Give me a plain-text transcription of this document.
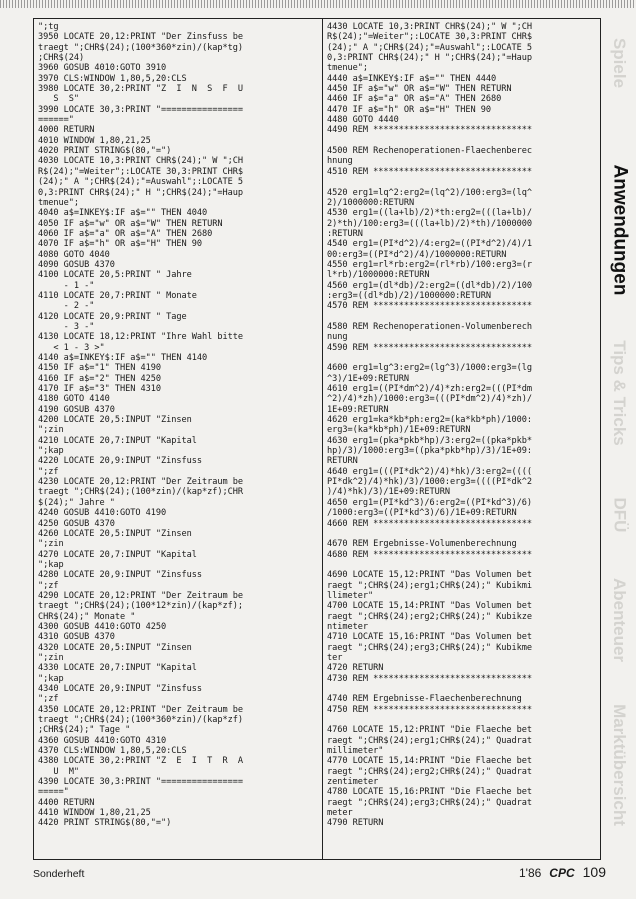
";tg
3950 LOCATE 20,12:PRINT "Der Zinsfuss be
traegt ";CHR$(24);(100*360*zin)/(kap*tg)
;CHR$(24)
3960 GOSUB 4010:GOTO 3910
3970 CLS:WINDOW 1,80,5,20:CLS
3980 LOCATE 30,2:PRINT "Z  I  N  S  F  U
S  S"
3990 LOCATE 30,3:PRINT "================
======"
4000 RETURN
4010 WINDOW 1,80,21,25
4020 PRINT STRING$(80,"=")
4030 LOCATE 10,3:PRINT CHR$(24);" W ";CH
R$(24);"=Weiter";:LOCATE 30,3:PRINT CHR$
(24);" A ";CHR$(24);"=Auswahl";:LOCATE 5
0,3:PRINT CHR$(24);" H ";CHR$(24);"=Haup
tmenue";
4040 a$=INKEY$:IF a$="" THEN 4040
4050 IF a$="w" OR a$="W" THEN RETURN
4060 IF a$="a" OR a$="A" THEN 2680
4070 IF a$="h" OR a$="H" THEN 90
4080 GOTO 4040
4090 GOSUB 4370
4100 LOCATE 20,5:PRINT " Jahre
- 1 -"
4110 LOCATE 20,7:PRINT " Monate
- 2 -"
4120 LOCATE 20,9:PRINT " Tage
- 3 -"
4130 LOCATE 18,12:PRINT "Ihre Wahl bitte
< 1 - 3 >"
4140 a$=INKEY$:IF a$="" THEN 4140
4150 IF a$="1" THEN 4190
4160 IF a$="2" THEN 4250
4170 IF a$="3" THEN 4310
4180 GOTO 4140
4190 GOSUB 4370
4200 LOCATE 20,5:INPUT "Zinsen
";zin
4210 LOCATE 20,7:INPUT "Kapital
";kap
4220 LOCATE 20,9:INPUT "Zinsfuss
";zf
4230 LOCATE 20,12:PRINT "Der Zeitraum be
traegt ";CHR$(24);(100*zin)/(kap*zf);CHR
$(24);" Jahre "
4240 GOSUB 4410:GOTO 4190
4250 GOSUB 4370
4260 LOCATE 20,5:INPUT "Zinsen
";zin
4270 LOCATE 20,7:INPUT "Kapital
";kap
4280 LOCATE 20,9:INPUT "Zinsfuss
";zf
4290 LOCATE 20,12:PRINT "Der Zeitraum be
traegt ";CHR$(24);(100*12*zin)/(kap*zf);
CHR$(24);" Monate "
4300 GOSUB 4410:GOTO 4250
4310 GOSUB 4370
4320 LOCATE 20,5:INPUT "Zinsen
";zin
4330 LOCATE 20,7:INPUT "Kapital
";kap
4340 LOCATE 20,9:INPUT "Zinsfuss
";zf
4350 LOCATE 20,12:PRINT "Der Zeitraum be
traegt ";CHR$(24);(100*360*zin)/(kap*zf)
;CHR$(24);" Tage "
4360 GOSUB 4410:GOTO 4310
4370 CLS:WINDOW 1,80,5,20:CLS
4380 LOCATE 30,2:PRINT "Z  E  I  T  R  A
U  M"
4390 LOCATE 30,3:PRINT "================
====="
4400 RETURN
4410 WINDOW 1,80,21,25
4420 PRINT STRING$(80,"=")
4430 LOCATE 10,3:PRINT CHR$(24);" W ";CH
R$(24);"=Weiter";:LOCATE 30,3:PRINT CHR$
(24);" A ";CHR$(24);"=Auswahl";:LOCATE 5
0,3:PRINT CHR$(24);" H ";CHR$(24);"=Haup
tmenue";
4440 a$=INKEY$:IF a$="" THEN 4440
4450 IF a$="w" OR a$="W" THEN RETURN
4460 IF a$="a" OR a$="A" THEN 2680
4470 IF a$="h" OR a$="H" THEN 90
4480 GOTO 4440
4490 REM *******************************

4500 REM Rechenoperationen-Flaechenberec
hnung
4510 REM *******************************

4520 erg1=lq^2:erg2=(lq^2)/100:erg3=(lq^
2)/1000000:RETURN
4530 erg1=((la+lb)/2)*th:erg2=(((la+lb)/
2)*th)/100:erg3=(((la+lb)/2)*th)/1000000
:RETURN
4540 erg1=(PI*d^2)/4:erg2=((PI*d^2)/4)/1
00:erg3=((PI*d^2)/4)/1000000:RETURN
4550 erg1=rl*rb:erg2=(rl*rb)/100:erg3=(r
l*rb)/1000000:RETURN
4560 erg1=(dl*db)/2:erg2=((dl*db)/2)/100
:erg3=((dl*db)/2)/1000000:RETURN
4570 REM *******************************

4580 REM Rechenoperationen-Volumenberech
nung
4590 REM *******************************

4600 erg1=lg^3:erg2=(lg^3)/1000:erg3=(lg
^3)/1E+09:RETURN
4610 erg1=((PI*dm^2)/4)*zh:erg2=(((PI*dm
^2)/4)*zh)/1000:erg3=(((PI*dm^2)/4)*zh)/
1E+09:RETURN
4620 erg1=ka*kb*ph:erg2=(ka*kb*ph)/1000:
erg3=(ka*kb*ph)/1E+09:RETURN
4630 erg1=(pka*pkb*hp)/3:erg2=((pka*pkb*
hp)/3)/1000:erg3=((pka*pkb*hp)/3)/1E+09:
RETURN
4640 erg1=(((PI*dk^2)/4)*hk)/3:erg2=((((
PI*dk^2)/4)*hk)/3)/1000:erg3=((((PI*dk^2
)/4)*hk)/3)/1E+09:RETURN
4650 erg1=(PI*kd^3)/6:erg2=((PI*kd^3)/6)
/1000:erg3=((PI*kd^3)/6)/1E+09:RETURN
4660 REM *******************************

4670 REM Ergebnisse-Volumenberechnung
4680 REM *******************************

4690 LOCATE 15,12:PRINT "Das Volumen bet
raegt ";CHR$(24);erg1;CHR$(24);" Kubikmi
llimeter"
4700 LOCATE 15,14:PRINT "Das Volumen bet
raegt ";CHR$(24);erg2;CHR$(24);" Kubikze
ntimeter
4710 LOCATE 15,16:PRINT "Das Volumen bet
raegt ";CHR$(24);erg3;CHR$(24);" Kubikme
ter
4720 RETURN
4730 REM *******************************

4740 REM Ergebnisse-Flaechenberechnung
4750 REM *******************************

4760 LOCATE 15,12:PRINT "Die Flaeche bet
raegt ";CHR$(24);erg1;CHR$(24);" Quadrat
millimeter"
4770 LOCATE 15,14:PRINT "Die Flaeche bet
raegt ";CHR$(24);erg2;CHR$(24);" Quadrat
zentimeter
4780 LOCATE 15,16:PRINT "Die Flaeche bet
raegt ";CHR$(24);erg3;CHR$(24);" Quadrat
meter
4790 RETURN
Sonderheft	1'86 CPC 109
Spiele
Anwendungen
Tips & Tricks
DFÜ
Abenteuer
Marktübersicht
